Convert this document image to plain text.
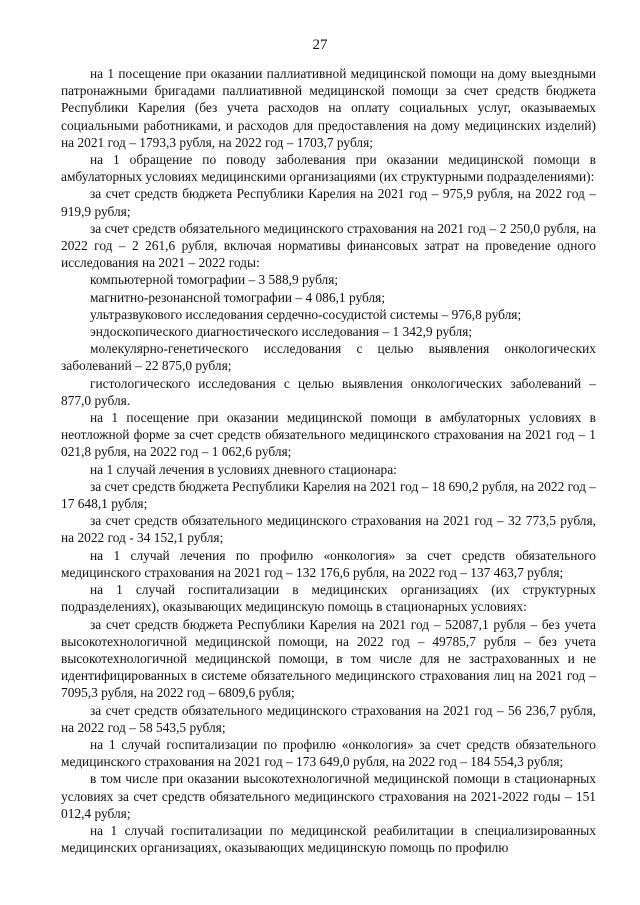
27

на 1 посещение при оказании паллиативной медицинской помощи на дому выездными патронажными бригадами паллиативной медицинской помощи за счет средств бюджета Республики Карелия (без учета расходов на оплату социальных услуг, оказываемых социальными работниками, и расходов для предоставления на дому медицинских изделий) на 2021 год – 1793,3 рубля, на 2022 год – 1703,7 рубля;

на 1 обращение по поводу заболевания при оказании медицинской помощи в амбулаторных условиях медицинскими организациями (их структурными подразделениями):

за счет средств бюджета Республики Карелия на 2021 год – 975,9 рубля, на 2022 год – 919,9 рубля;

за счет средств обязательного медицинского страхования на 2021 год – 2 250,0 рубля, на 2022 год – 2 261,6 рубля, включая нормативы финансовых затрат на проведение одного исследования на 2021 – 2022 годы:

компьютерной томографии – 3 588,9 рубля;

магнитно-резонансной томографии – 4 086,1 рубля;

ультразвукового исследования сердечно-сосудистой системы – 976,8 рубля;

эндоскопического диагностического исследования – 1 342,9 рубля;

молекулярно-генетического исследования с целью выявления онкологических заболеваний – 22 875,0 рубля;

гистологического исследования с целью выявления онкологических заболеваний – 877,0 рубля.

на 1 посещение при оказании медицинской помощи в амбулаторных условиях в неотложной форме за счет средств обязательного медицинского страхования на 2021 год – 1 021,8 рубля, на 2022 год – 1 062,6 рубля;

на 1 случай лечения в условиях дневного стационара:

за счет средств бюджета Республики Карелия на 2021 год – 18 690,2 рубля, на 2022 год – 17 648,1 рубля;

за счет средств обязательного медицинского страхования на 2021 год – 32 773,5 рубля, на 2022 год - 34 152,1 рубля;

на 1 случай лечения по профилю «онкология» за счет средств обязательного медицинского страхования на 2021 год – 132 176,6 рубля, на 2022 год – 137 463,7 рубля;

на 1 случай госпитализации в медицинских организациях (их структурных подразделениях), оказывающих медицинскую помощь в стационарных условиях:

за счет средств бюджета Республики Карелия на 2021 год – 52087,1 рубля – без учета высокотехнологичной медицинской помощи, на 2022 год – 49785,7 рубля – без учета высокотехнологичной медицинской помощи, в том числе для не застрахованных и не идентифицированных в системе обязательного медицинского страхования лиц на 2021 год – 7095,3 рубля, на 2022 год – 6809,6 рубля;

за счет средств обязательного медицинского страхования на 2021 год – 56 236,7 рубля, на 2022 год – 58 543,5 рубля;

на 1 случай госпитализации по профилю «онкология» за счет средств обязательного медицинского страхования на 2021 год – 173 649,0 рубля, на 2022 год – 184 554,3 рубля;

в том числе при оказании высокотехнологичной медицинской помощи в стационарных условиях за счет средств обязательного медицинского страхования на 2021-2022 годы – 151 012,4 рубля;

на 1 случай госпитализации по медицинской реабилитации в специализированных медицинских организациях, оказывающих медицинскую помощь по профилю
